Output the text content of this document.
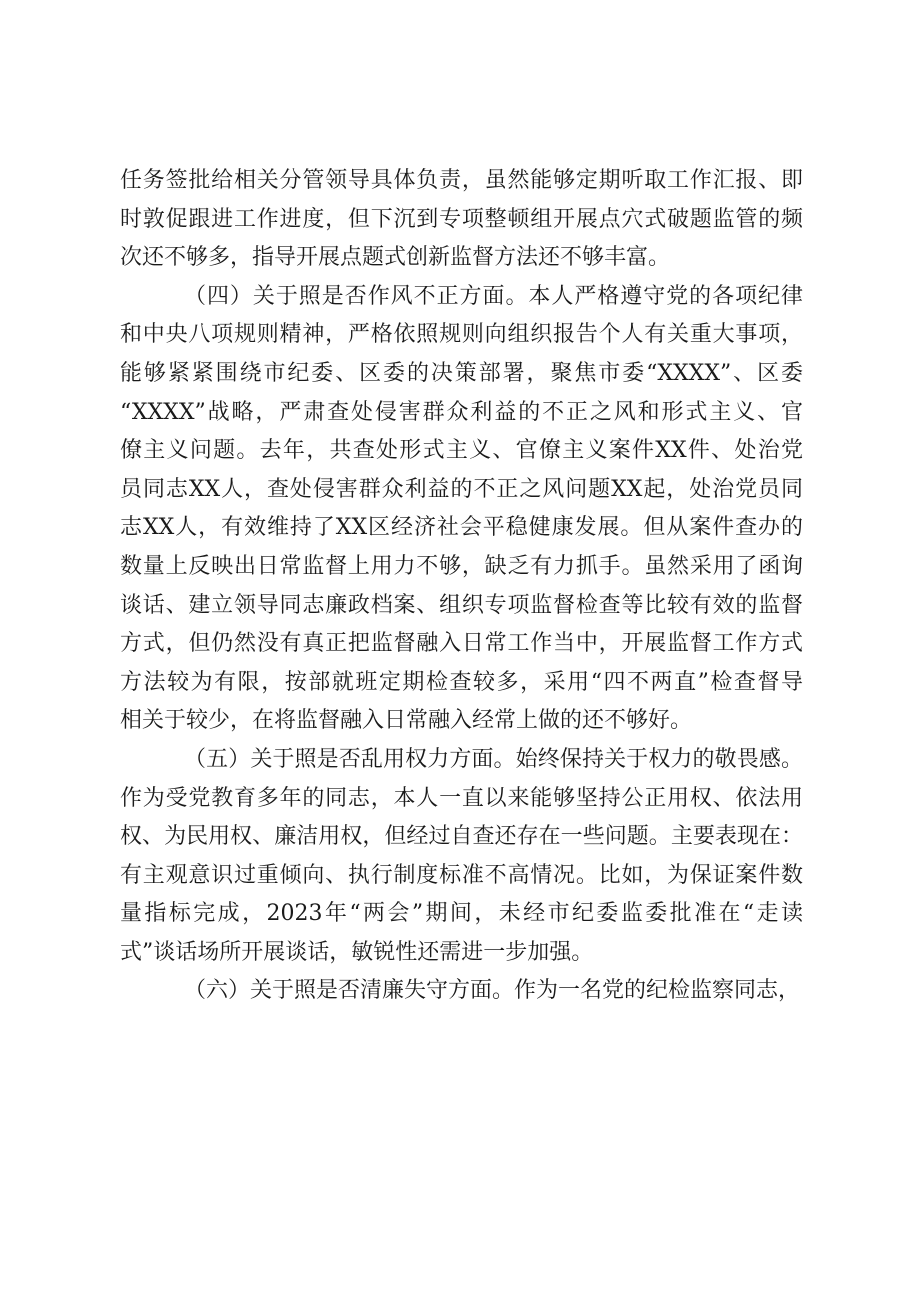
任务签批给相关分管领导具体负责，虽然能够定期听取工作汇报、即
时敦促跟进工作进度，但下沉到专项整顿组开展点穴式破题监管的频
次还不够多，指导开展点题式创新监督方法还不够丰富。
（四）关于照是否作风不正方面。本人严格遵守党的各项纪律
和中央八项规则精神，严格依照规则向组织报告个人有关重大事项，
能够紧紧围绕市纪委、区委的决策部署，聚焦市委“XXXX”、区委
“XXXX”战略，严肃查处侵害群众利益的不正之风和形式主义、官
僚主义问题。去年，共查处形式主义、官僚主义案件XX件、处治党
员同志XX人，查处侵害群众利益的不正之风问题XX起，处治党员同
志XX人，有效维持了XX区经济社会平稳健康发展。但从案件查办的
数量上反映出日常监督上用力不够，缺乏有力抓手。虽然采用了函询
谈话、建立领导同志廉政档案、组织专项监督检查等比较有效的监督
方式，但仍然没有真正把监督融入日常工作当中，开展监督工作方式
方法较为有限，按部就班定期检查较多，采用“四不两直”检查督导
相关于较少，在将监督融入日常融入经常上做的还不够好。
（五）关于照是否乱用权力方面。始终保持关于权力的敬畏感。
作为受党教育多年的同志，本人一直以来能够坚持公正用权、依法用
权、为民用权、廉洁用权，但经过自查还存在一些问题。主要表现在：
有主观意识过重倾向、执行制度标准不高情况。比如，为保证案件数
量指标完成，2023年“两会”期间，未经市纪委监委批准在“走读
式”谈话场所开展谈话，敏锐性还需进一步加强。
（六）关于照是否清廉失守方面。作为一名党的纪检监察同志，
